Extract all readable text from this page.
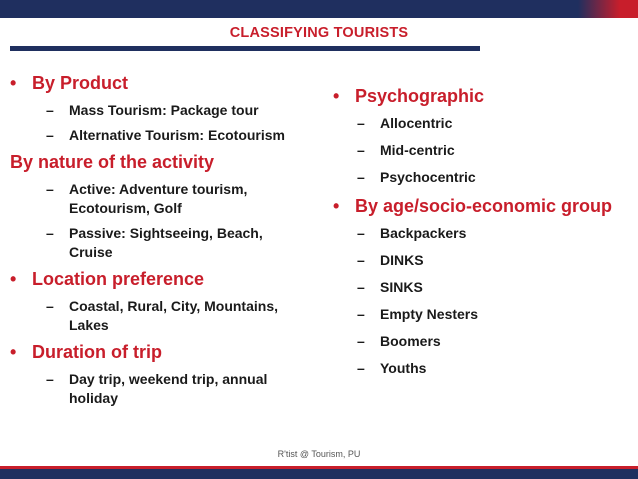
CLASSIFYING TOURISTS
• By Product
–	Mass Tourism: Package tour
–	Alternative Tourism: Ecotourism
By nature of the activity
–	Active: Adventure tourism, Ecotourism, Golf
–	Passive: Sightseeing, Beach, Cruise
• Location preference
–	Coastal, Rural, City, Mountains, Lakes
• Duration of trip
–	Day trip, weekend trip, annual holiday
• Psychographic
–	Allocentric
–	Mid-centric
–	Psychocentric
• By age/socio-economic group
–	Backpackers
–	DINKS
–	SINKS
–	Empty Nesters
–	Boomers
–	Youths
R'tist @ Tourism, PU
